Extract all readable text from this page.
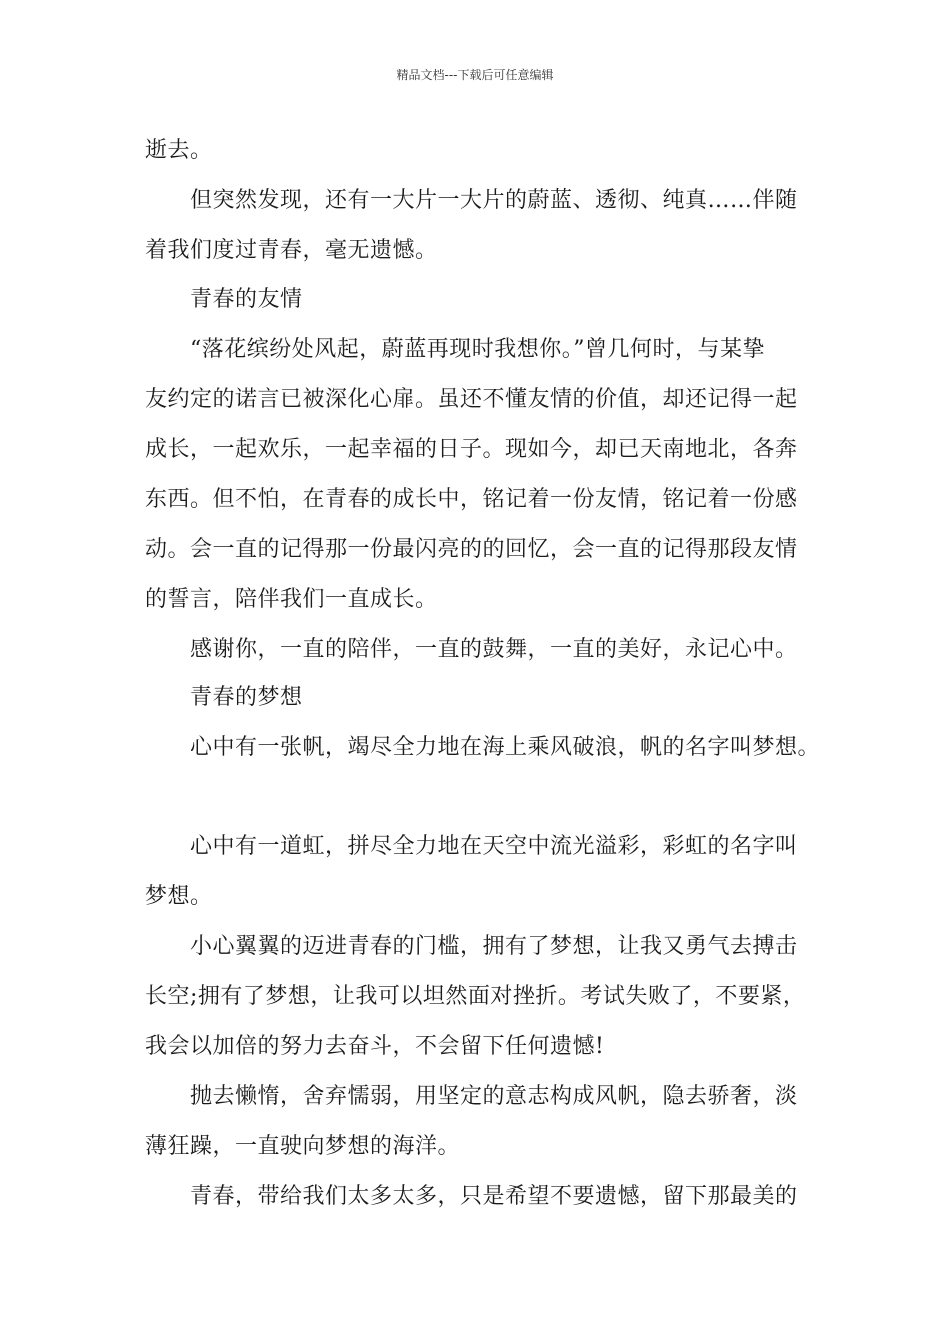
精品文档---下载后可任意编辑
逝去。
但突然发现，还有一大片一大片的蔚蓝、透彻、纯真……伴随
着我们度过青春，毫无遗憾。
青春的友情
“落花缤纷处风起，蔚蓝再现时我想你。”曾几何时，与某挚
友约定的诺言已被深化心扉。虽还不懂友情的价值，却还记得一起
成长，一起欢乐，一起幸福的日子。现如今，却已天南地北，各奔
东西。但不怕，在青春的成长中，铭记着一份友情，铭记着一份感
动。会一直的记得那一份最闪亮的的回忆，会一直的记得那段友情
的誓言，陪伴我们一直成长。
感谢你，一直的陪伴，一直的鼓舞，一直的美好，永记心中。
青春的梦想
心中有一张帆，竭尽全力地在海上乘风破浪，帆的名字叫梦想。
心中有一道虹，拼尽全力地在天空中流光溢彩，彩虹的名字叫
梦想。
小心翼翼的迈进青春的门槛，拥有了梦想，让我又勇气去搏击
长空;拥有了梦想，让我可以坦然面对挫折。考试失败了，不要紧，
我会以加倍的努力去奋斗，不会留下任何遗憾!
抛去懒惰，舍弃懦弱，用坚定的意志构成风帆，隐去骄奢，淡
薄狂躁，一直驶向梦想的海洋。
青春，带给我们太多太多，只是希望不要遗憾，留下那最美的
